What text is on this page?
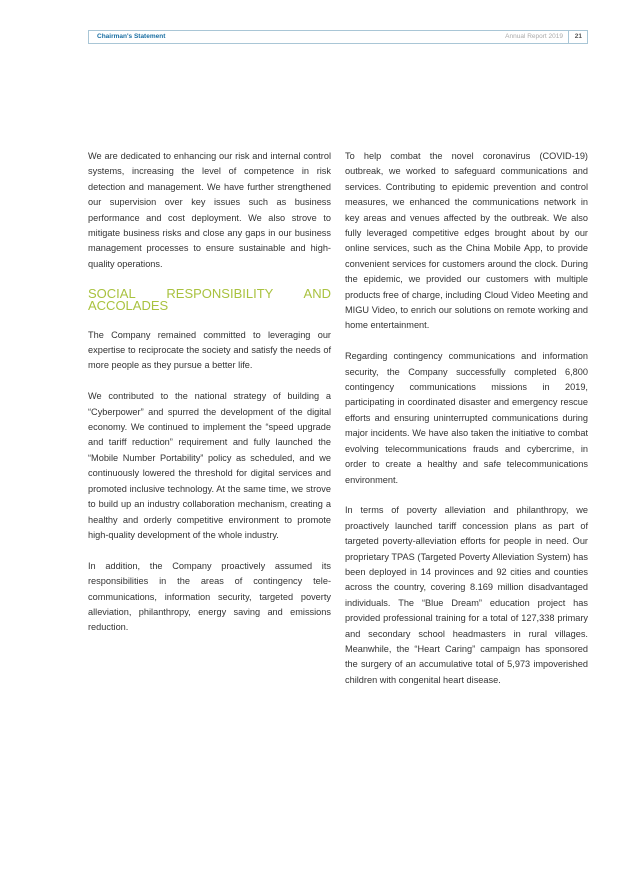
Chairman's Statement	Annual Report 2019 21

We are dedicated to enhancing our risk and internal control systems, increasing the level of competence in risk detection and management. We have further strengthened our supervision over key issues such as business performance and cost deployment. We also strove to mitigate business risks and close any gaps in our business management processes to ensure sustainable and high-quality operations.

SOCIAL RESPONSIBILITY AND ACCOLADES

The Company remained committed to leveraging our expertise to reciprocate the society and satisfy the needs of more people as they pursue a better life.

We contributed to the national strategy of building a “Cyberpower” and spurred the development of the digital economy. We continued to implement the “speed upgrade and tariff reduction” requirement and fully launched the “Mobile Number Portability” policy as scheduled, and we continuously lowered the threshold for digital services and promoted inclusive technology. At the same time, we strove to build up an industry collaboration mechanism, creating a healthy and orderly competitive environment to promote high-quality development of the whole industry.

In addition, the Company proactively assumed its responsibilities in the areas of contingency tele-communications, information security, targeted poverty alleviation, philanthropy, energy saving and emissions reduction.

To help combat the novel coronavirus (COVID-19) outbreak, we worked to safeguard communications and services. Contributing to epidemic prevention and control measures, we enhanced the communications network in key areas and venues affected by the outbreak. We also fully leveraged competitive edges brought about by our online services, such as the China Mobile App, to provide convenient services for customers around the clock. During the epidemic, we provided our customers with multiple products free of charge, including Cloud Video Meeting and MIGU Video, to enrich our solutions on remote working and home entertainment.

Regarding contingency communications and information security, the Company successfully completed 6,800 contingency communications missions in 2019, participating in coordinated disaster and emergency rescue efforts and ensuring uninterrupted communications during major incidents. We have also taken the initiative to combat evolving telecommunications frauds and cybercrime, in order to create a healthy and safe telecommunications environment.

In terms of poverty alleviation and philanthropy, we proactively launched tariff concession plans as part of targeted poverty-alleviation efforts for people in need. Our proprietary TPAS (Targeted Poverty Alleviation System) has been deployed in 14 provinces and 92 cities and counties across the country, covering 8.169 million disadvantaged individuals. The “Blue Dream” education project has provided professional training for a total of 127,338 primary and secondary school headmasters in rural villages. Meanwhile, the “Heart Caring” campaign has sponsored the surgery of an accumulative total of 5,973 impoverished children with congenital heart disease.
